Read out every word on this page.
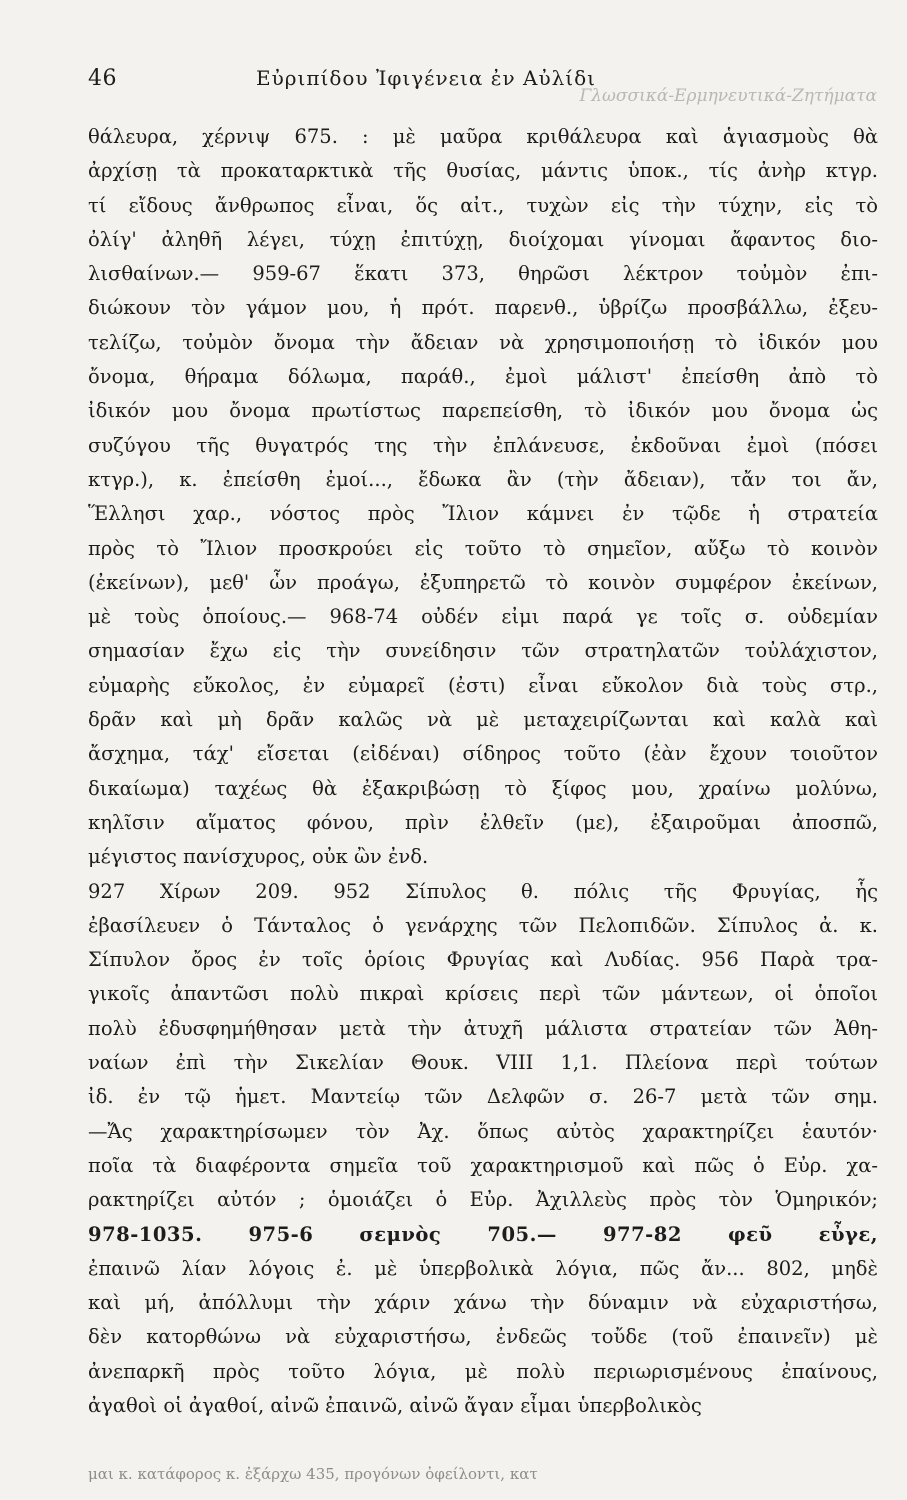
46	Εὐριπίδου Ἰφιγένεια ἐν Αὐλίδι
Γλωσσικά-Ερμηνευτικά-Ζητήματα
θάλευρα, χέρνιψ 675. : μὲ μαῦρα κριθάλευρα καὶ ἁγιασμοὺς θὰ
ἀρχίσῃ τὰ προκαταρκτικὰ τῆς θυσίας, μάντις ὑποκ., τίς ἀνὴρ κτγρ.
τί εἴδους ἄνθρωπος εἶναι, ὅς αἰτ., τυχὼν εἰς τὴν τύχην, εἰς τὸ
ὀλίγ' ἀληθῆ λέγει, τύχῃ ἐπιτύχῃ, διοίχομαι γίνομαι ἄφαντος διο-
λισθαίνων.— 959-67 ἕκατι 373, θηρῶσι λέκτρον τοὐμὸν ἐπι-
διώκουν τὸν γάμον μου, ἡ πρότ. παρενθ., ὑβρίζω προσβάλλω, ἐξευ-
τελίζω, τοὐμὸν ὄνομα τὴν ἄδειαν νὰ χρησιμοποιήσῃ τὸ ἰδικόν μου
ὄνομα, θήραμα δόλωμα, παράθ., ἐμοὶ μάλιστ' ἐπείσθη ἀπὸ τὸ
ἰδικόν μου ὄνομα πρωτίστως παρεπείσθη, τὸ ἰδικόν μου ὄνομα ὡς
συζύγου τῆς θυγατρός της τὴν ἐπλάνευσε, ἐκδοῦναι ἐμοὶ (πόσει
κτγρ.), κ. ἐπείσθη ἐμοί..., ἔδωκα ἂν (τὴν ἄδειαν), τἄν τοι ἄν,
Ἕλλησι χαρ., νόστος πρὸς Ἴλιον κάμνει ἐν τῷδε ἡ στρατεία
πρὸς τὸ Ἴλιον προσκρούει εἰς τοῦτο τὸ σημεῖον, αὔξω τὸ κοινὸν
(ἐκείνων), μεθ' ὧν προάγω, ἐξυπηρετῶ τὸ κοινὸν συμφέρον ἐκείνων,
μὲ τοὺς ὁποίους.— 968-74 οὐδέν εἰμι παρά γε τοῖς σ. οὐδεμίαν
σημασίαν ἔχω εἰς τὴν συνείδησιν τῶν στρατηλατῶν τοὐλάχιστον,
εὐμαρὴς εὔκολος, ἐν εὐμαρεῖ (ἐστι) εἶναι εὔκολον διὰ τοὺς στρ.,
δρᾶν καὶ μὴ δρᾶν καλῶς νὰ μὲ μεταχειρίζωνται καὶ καλὰ καὶ
ἄσχημα, τάχ' εἴσεται (εἰδέναι) σίδηρος τοῦτο (ἐὰν ἔχουν τοιοῦτον
δικαίωμα) ταχέως θὰ ἐξακριβώσῃ τὸ ξίφος μου, χραίνω μολύνω,
κηλῖσιν αἵματος φόνου, πρὶν ἐλθεῖν (με), ἐξαιροῦμαι ἀποσπῶ,
μέγιστος πανίσχυρος, οὐκ ὢν ἐνδ.
927 Χίρων 209. 952 Σίπυλος θ. πόλις τῆς Φρυγίας, ἧς
ἐβασίλευεν ὁ Τάνταλος ὁ γενάρχης τῶν Πελοπιδῶν. Σίπυλος ἀ. κ.
Σίπυλον ὄρος ἐν τοῖς ὁρίοις Φρυγίας καὶ Λυδίας. 956 Παρὰ τρα-
γικοῖς ἀπαντῶσι πολὺ πικραὶ κρίσεις περὶ τῶν μάντεων, οἱ ὁποῖοι
πολὺ ἐδυσφημήθησαν μετὰ τὴν ἀτυχῆ μάλιστα στρατείαν τῶν Ἀθη-
ναίων ἐπὶ τὴν Σικελίαν Θουκ. VIII 1,1. Πλείονα περὶ τούτων
ἰδ. ἐν τῷ ἡμετ. Μαντείῳ τῶν Δελφῶν σ. 26-7 μετὰ τῶν σημ.
—Ἄς χαρακτηρίσωμεν τὸν Ἀχ. ὅπως αὐτὸς χαρακτηρίζει ἑαυτόν·
ποῖα τὰ διαφέροντα σημεῖα τοῦ χαρακτηρισμοῦ καὶ πῶς ὁ Εὐρ. χα-
ρακτηρίζει αὐτόν ; ὁμοιάζει ὁ Εὐρ. Ἀχιλλεὺς πρὸς τὸν Ὁμηρικόν;
978-1035. 975-6 σεμνὸς 705.— 977-82 φεῦ εὖγε,
ἐπαινῶ λίαν λόγοις ἐ. μὲ ὑπερβολικὰ λόγια, πῶς ἄν... 802, μηδὲ
καὶ μή, ἀπόλλυμι τὴν χάριν χάνω τὴν δύναμιν νὰ εὐχαριστήσω,
δὲν κατορθώνω νὰ εὐχαριστήσω, ἐνδεῶς τοὔδε (τοῦ ἐπαινεῖν) μὲ
ἀνεπαρκῆ πρὸς τοῦτο λόγια, μὲ πολὺ περιωρισμένους ἐπαίνους,
ἀγαθοὶ οἱ ἀγαθοί, αἰνῶ ἐπαινῶ, αἰνῶ ἄγαν εἶμαι ὑπερβολικὸς
μαι κ. κατάφορος κ. ἐξάρχω 435, προγόνων ὀφείλοντι, κατ
